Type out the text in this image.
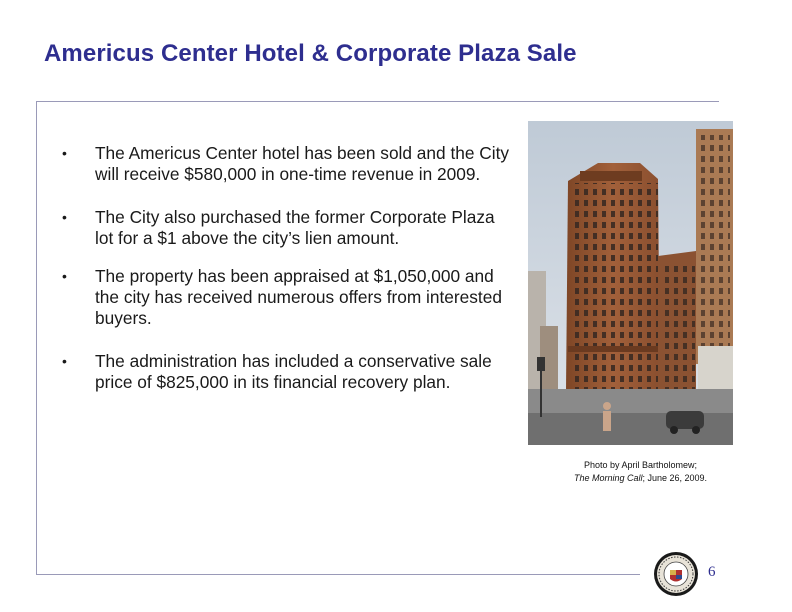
Americus Center Hotel & Corporate Plaza Sale
• The Americus Center hotel has been sold and the City will receive $580,000 in one-time revenue in 2009.
• The City also purchased the former Corporate Plaza lot for a $1 above the city’s lien amount.
• The property has been appraised at $1,050,000 and the city has received numerous offers from interested buyers.
• The administration has included a conservative sale price of $825,000 in its financial recovery plan.
Photo by April Bartholomew;
The Morning Call; June 26, 2009.
6
